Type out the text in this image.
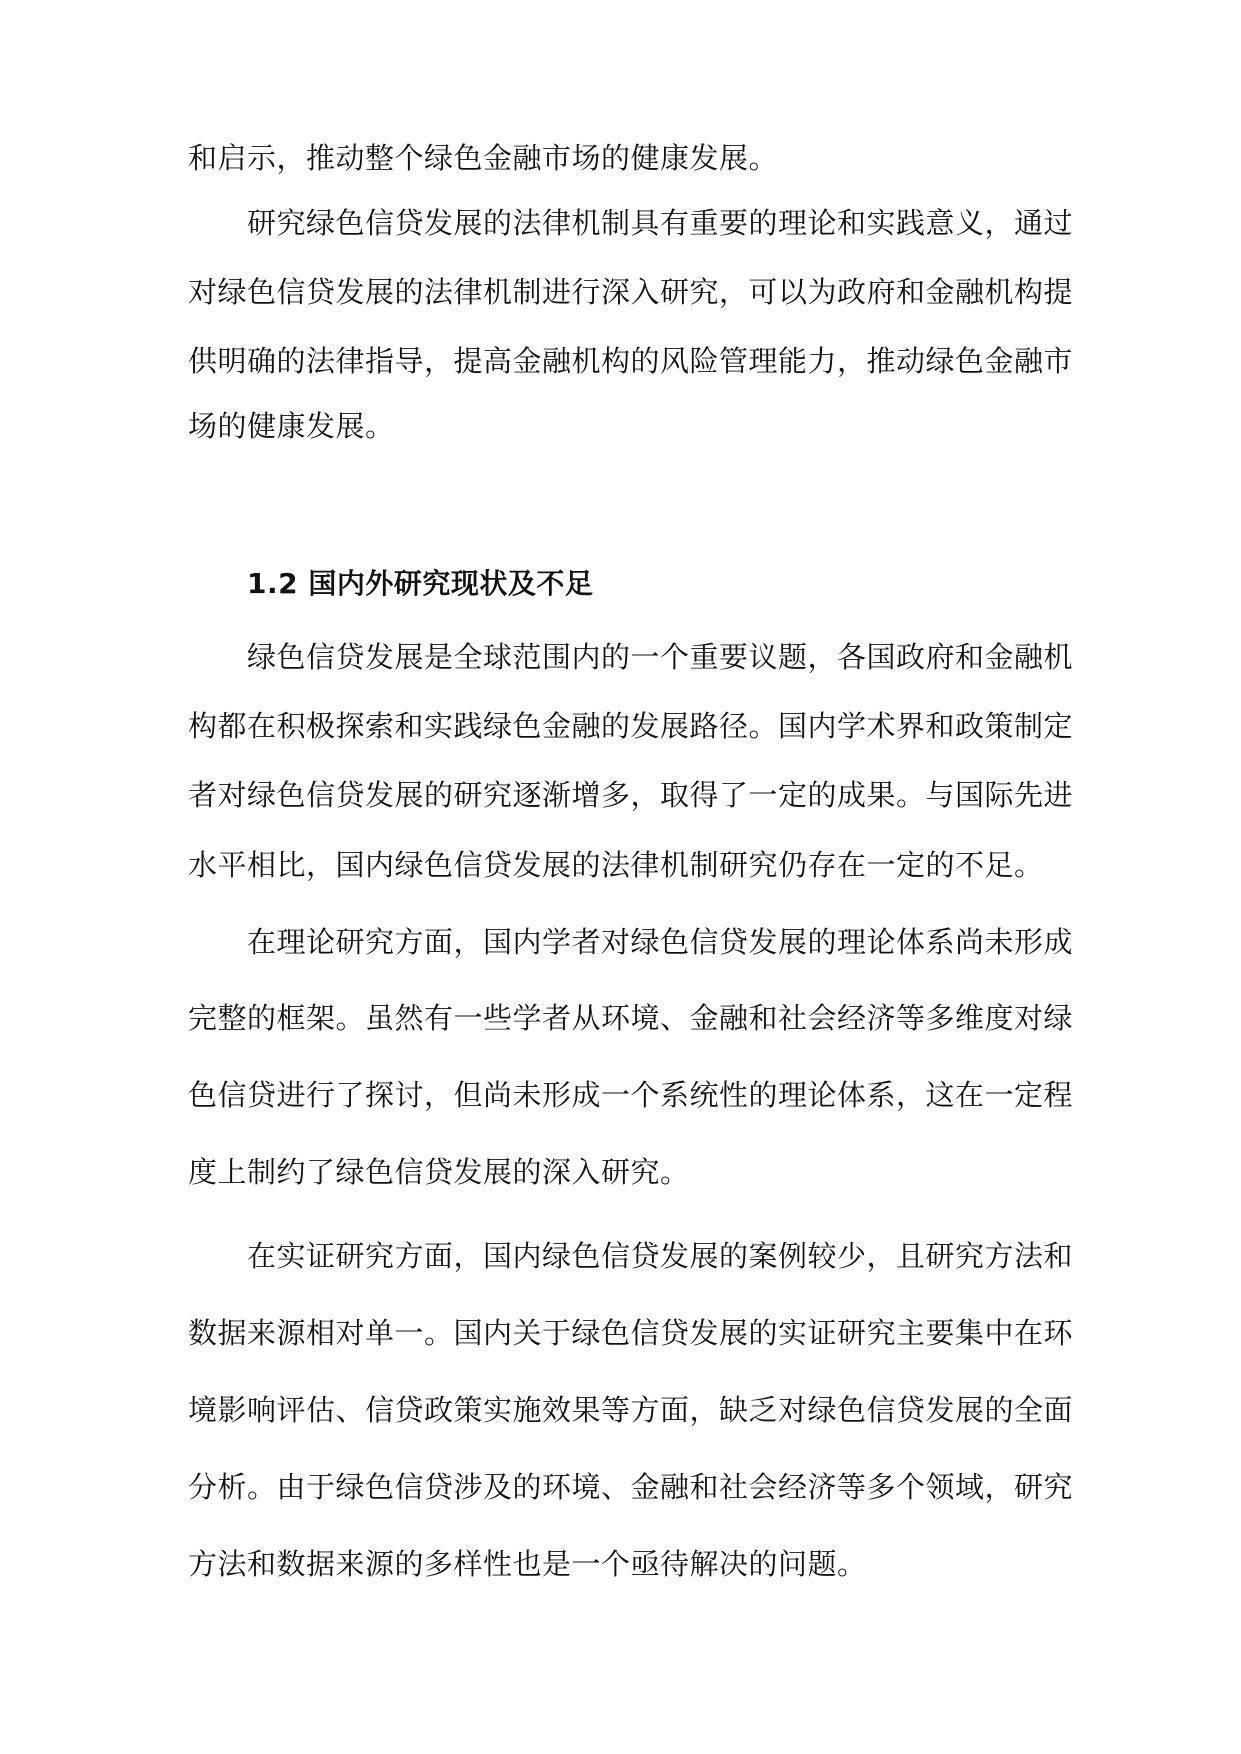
和启示，推动整个绿色金融市场的健康发展。
研究绿色信贷发展的法律机制具有重要的理论和实践意义，通过
对绿色信贷发展的法律机制进行深入研究，可以为政府和金融机构提
供明确的法律指导，提高金融机构的风险管理能力，推动绿色金融市
场的健康发展。
1.2 国内外研究现状及不足
绿色信贷发展是全球范围内的一个重要议题，各国政府和金融机
构都在积极探索和实践绿色金融的发展路径。国内学术界和政策制定
者对绿色信贷发展的研究逐渐增多，取得了一定的成果。与国际先进
水平相比，国内绿色信贷发展的法律机制研究仍存在一定的不足。
在理论研究方面，国内学者对绿色信贷发展的理论体系尚未形成
完整的框架。虽然有一些学者从环境、金融和社会经济等多维度对绿
色信贷进行了探讨，但尚未形成一个系统性的理论体系，这在一定程
度上制约了绿色信贷发展的深入研究。
在实证研究方面，国内绿色信贷发展的案例较少，且研究方法和
数据来源相对单一。国内关于绿色信贷发展的实证研究主要集中在环
境影响评估、信贷政策实施效果等方面，缺乏对绿色信贷发展的全面
分析。由于绿色信贷涉及的环境、金融和社会经济等多个领域，研究
方法和数据来源的多样性也是一个亟待解决的问题。
